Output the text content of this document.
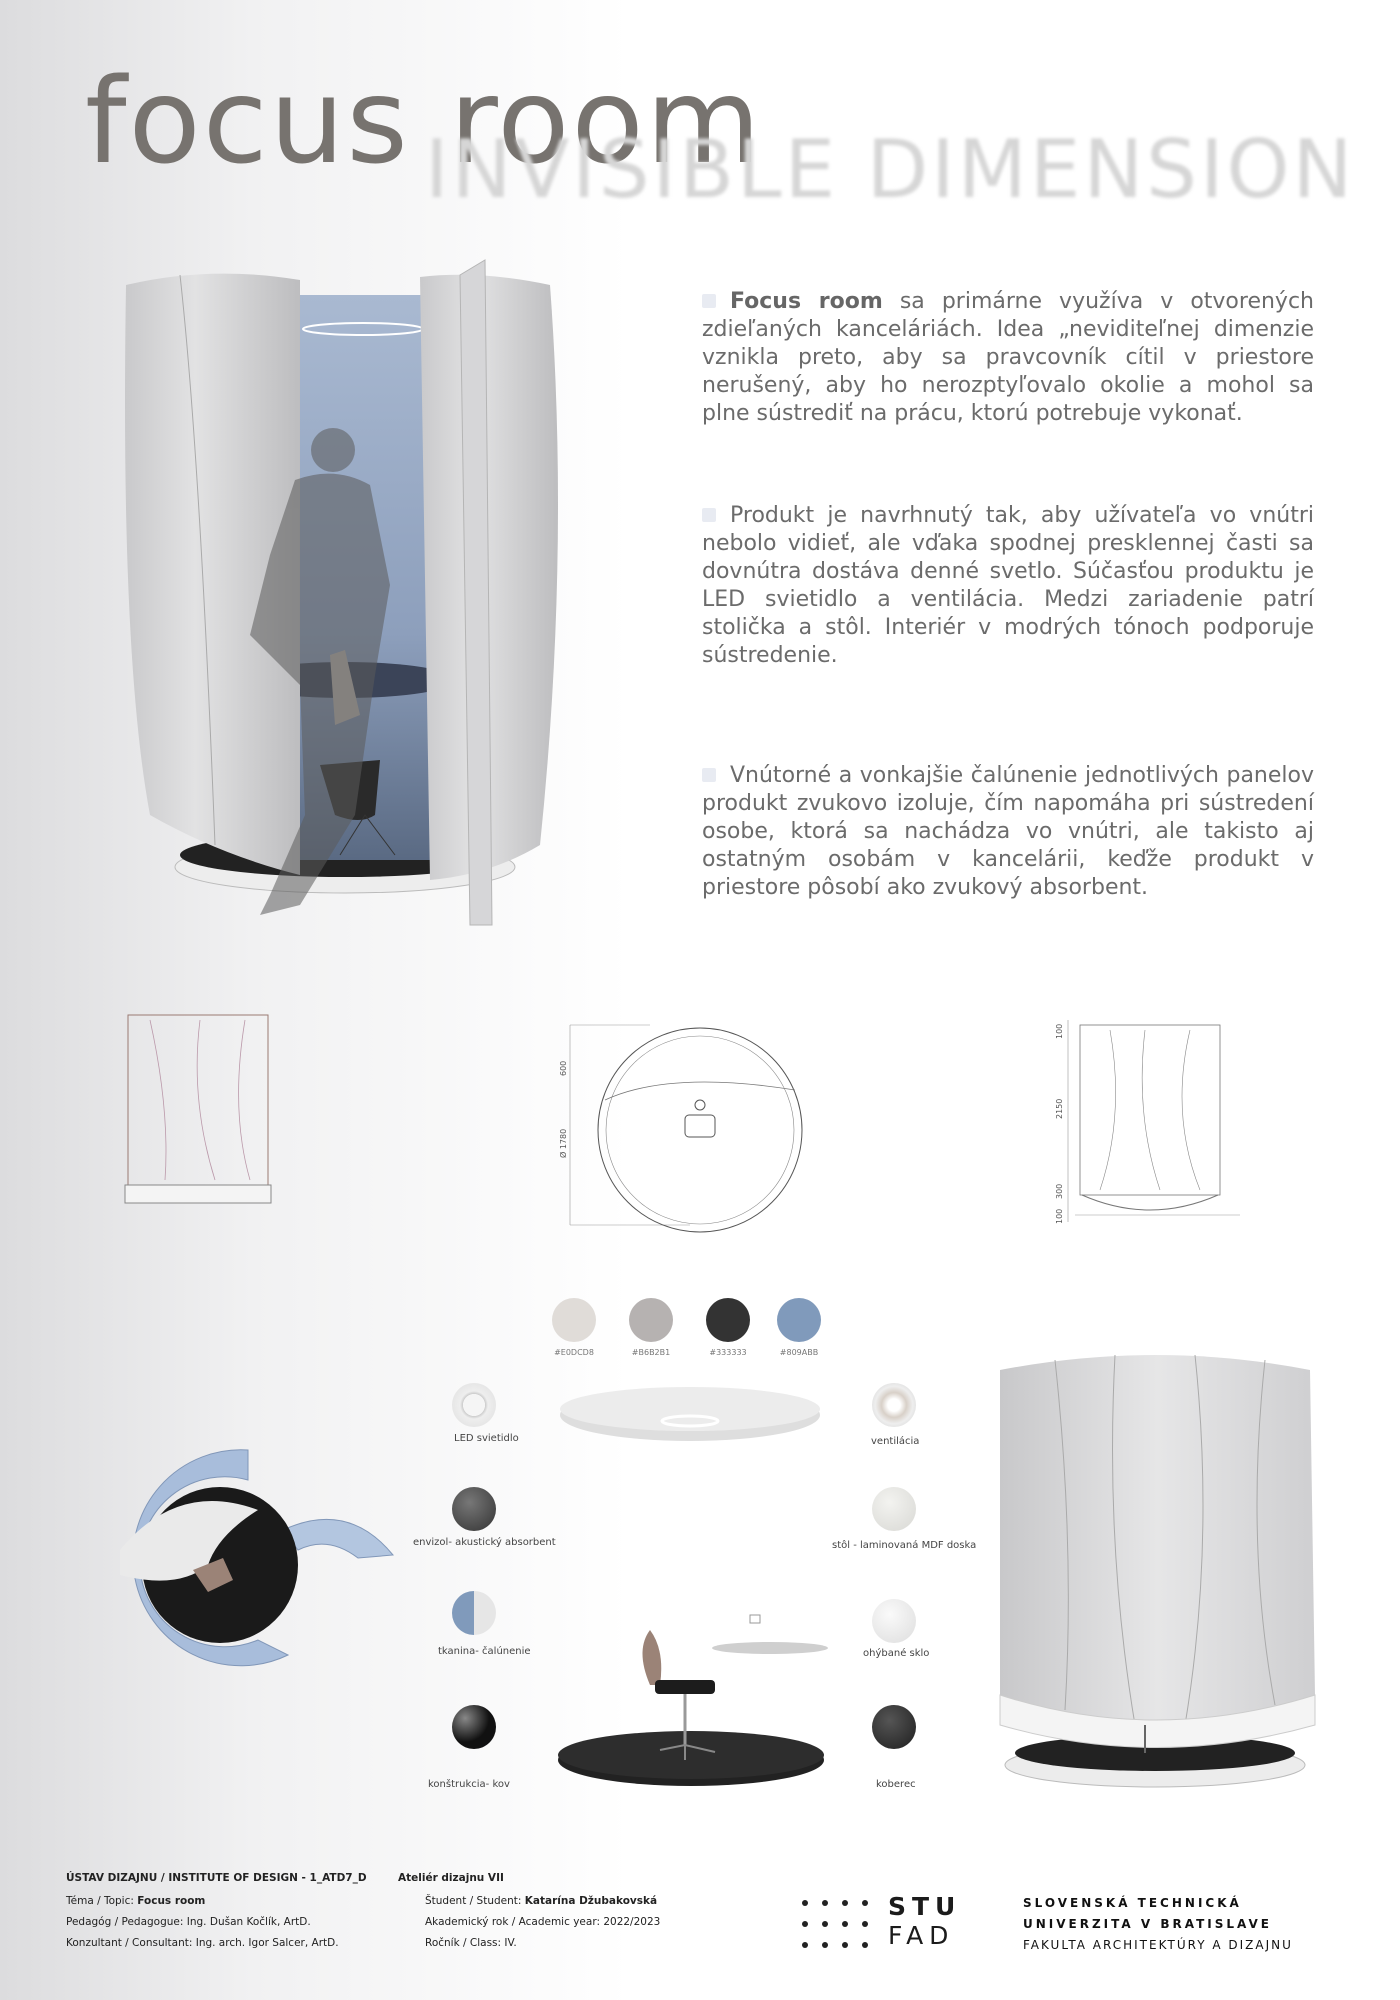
focus room
INVISIBLE DIMENSION
Focus room sa primárne využíva v otvorených zdieľaných kanceláriách. Idea „neviditeľnej dimenzie vznikla preto, aby sa pravcovník cítil v priestore nerušený, aby ho nerozptyľovalo okolie a mohol sa plne sústrediť na prácu, ktorú potrebuje vykonať.
Produkt je navrhnutý tak, aby užívateľa vo vnútri nebolo vidieť, ale vďaka spodnej presklennej časti sa dovnútra dostáva denné svetlo. Súčasťou produktu je LED svietidlo a ventilácia. Medzi zariadenie patrí stolička a stôl. Interiér v modrých tónoch podporuje sústredenie.
Vnútorné a vonkajšie čalúnenie jednotlivých panelov produkt zvukovo izoluje, čím napomáha pri sústredení osobe, ktorá sa nachádza vo vnútri, ale takisto aj ostatným osobám v kancelárii, keďže produkt v priestore pôsobí ako zvukový absorbent.
600
Ø 1780
100
2150
300
100
#E0DCD8	#B6B2B1	#333333	#809ABB
LED svietidlo	ventilácia
envizol- akustický absorbent	stôl - laminovaná MDF doska
tkanina- čalúnenie	ohýbané sklo
konštrukcia- kov	koberec
ÚSTAV DIZAJNU / INSTITUTE OF DESIGN - 1_ATD7_D	Ateliér dizajnu VII
Téma / Topic: Focus room
Pedagóg / Pedagogue: Ing. Dušan Kočlík, ArtD.
Konzultant / Consultant: Ing. arch. Igor Salcer, ArtD.
Študent / Student: Katarína Džubakovská
Akademický rok / Academic year: 2022/2023
Ročník / Class: IV.
STU
FAD
SLOVENSKÁ TECHNICKÁ
UNIVERZITA V BRATISLAVE
FAKULTA ARCHITEKTÚRY A DIZAJNU
